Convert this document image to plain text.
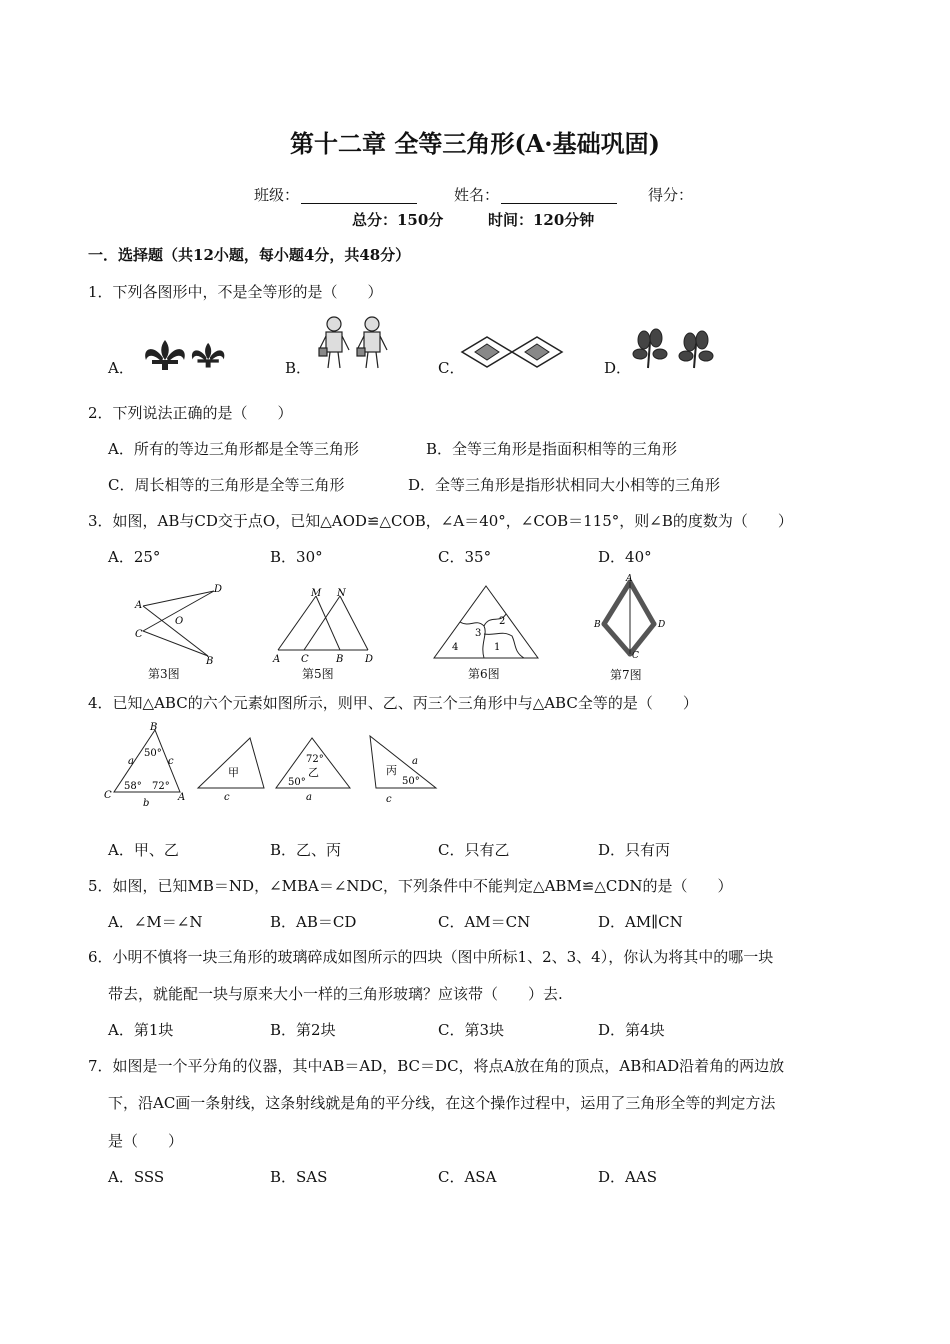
第十二章 全等三角形(A·基础巩固)
班级：	姓名：	得分：
总分：150分	时间：120分钟
一．选择题（共12小题，每小题4分，共48分）
1．下列各图形中，不是全等形的是（　　）
A．	B．	C．	D．
2．下列说法正确的是（　　）
A．所有的等边三角形都是全等三角形	B．全等三角形是指面积相等的三角形
C．周长相等的三角形是全等三角形	D．全等三角形是指形状相同大小相等的三角形
3．如图，AB与CD交于点O，已知△AOD≌△COB，∠A＝40°，∠COB＝115°，则∠B的度数为（　　）
A．25°	B．30°	C．35°	D．40°
A
C
D
B
O
第3图
M N
A C	B D
第5图
2
3
4	1
第6图
A
B	D
C
第7图
4．已知△ABC的六个元素如图所示，则甲、乙、丙三个三角形中与△ABC全等的是（　　）
B
C	A
a	c
b
50°
58° 72°
甲
c
72°
乙
50°
a
丙
a
50°
c
A．甲、乙	B．乙、丙	C．只有乙	D．只有丙
5．如图，已知MB＝ND，∠MBA＝∠NDC，下列条件中不能判定△ABM≌△CDN的是（　　）
A．∠M＝∠N	B．AB＝CD	C．AM＝CN	D．AM∥CN
6．小明不慎将一块三角形的玻璃碎成如图所示的四块（图中所标1、2、3、4），你认为将其中的哪一块
带去，就能配一块与原来大小一样的三角形玻璃？应该带（　　）去.
A．第1块	B．第2块	C．第3块	D．第4块
7．如图是一个平分角的仪器，其中AB＝AD，BC＝DC，将点A放在角的顶点，AB和AD沿着角的两边放
下，沿AC画一条射线，这条射线就是角的平分线，在这个操作过程中，运用了三角形全等的判定方法
是（　　）
A．SSS	B．SAS	C．ASA	D．AAS
